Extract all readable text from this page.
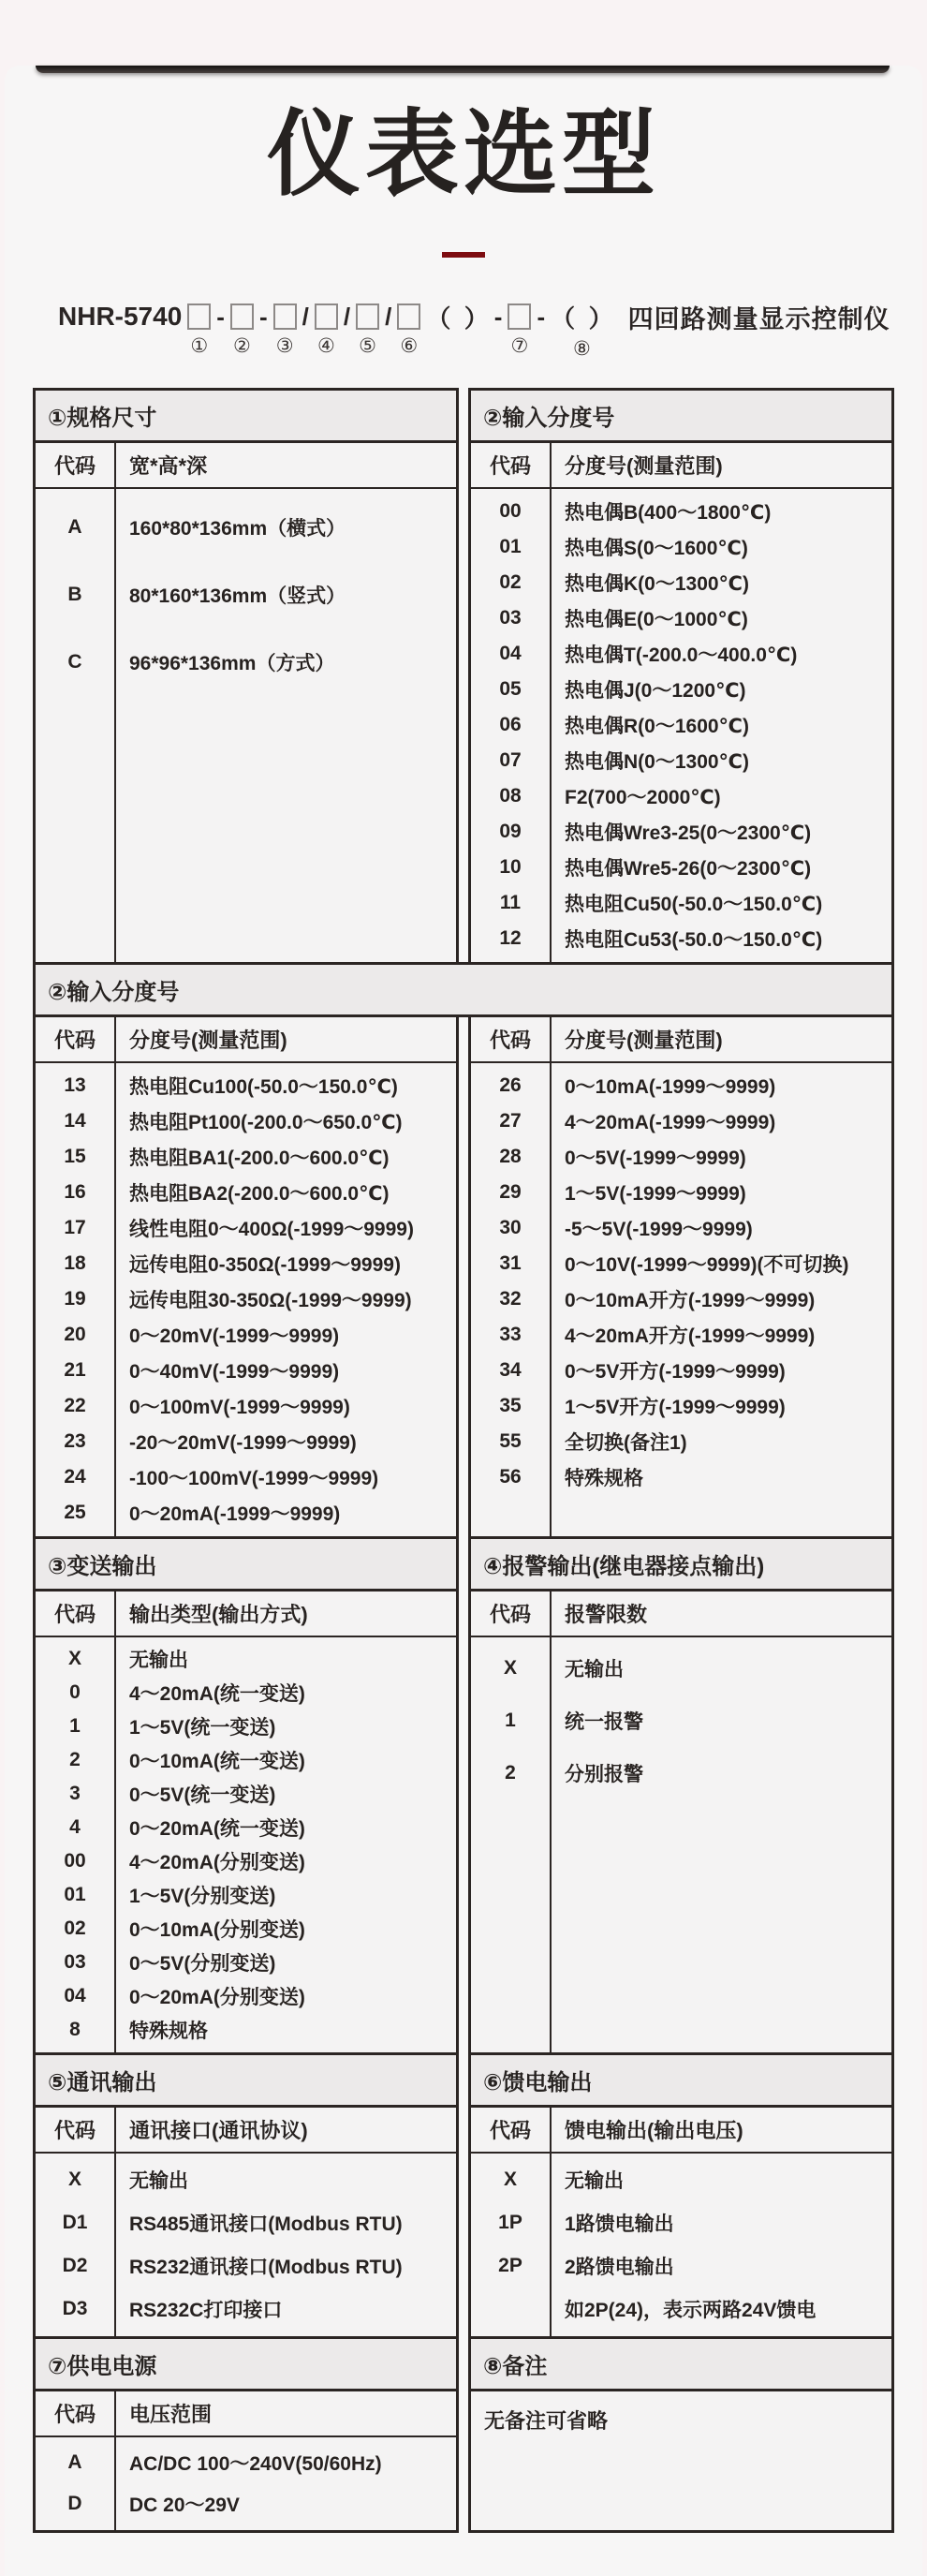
仪表选型
NHR-5740
①
-
②
-
③
/
④
/
⑤
/
⑥
（  ） -
⑦
- （  ）
⑧
四回路测量显示控制仪
①规格尺寸
代码	宽*高*深
A	160*80*136mm（横式）
B	80*160*136mm（竖式）
C	96*96*136mm（方式）
②输入分度号
代码	分度号(测量范围)
00	热电偶B(400～1800℃)
01	热电偶S(0～1600℃)
02	热电偶K(0～1300℃)
03	热电偶E(0～1000℃)
04	热电偶T(-200.0～400.0℃)
05	热电偶J(0～1200℃)
06	热电偶R(0～1600℃)
07	热电偶N(0～1300℃)
08	F2(700～2000℃)
09	热电偶Wre3-25(0～2300℃)
10	热电偶Wre5-26(0～2300℃)
11	热电阻Cu50(-50.0～150.0℃)
12	热电阻Cu53(-50.0～150.0℃)
②输入分度号
代码	分度号(测量范围)
13	热电阻Cu100(-50.0～150.0℃)
14	热电阻Pt100(-200.0～650.0℃)
15	热电阻BA1(-200.0～600.0℃)
16	热电阻BA2(-200.0～600.0℃)
17	线性电阻0～400Ω(-1999～9999)
18	远传电阻0-350Ω(-1999～9999)
19	远传电阻30-350Ω(-1999～9999)
20	0～20mV(-1999～9999)
21	0～40mV(-1999～9999)
22	0～100mV(-1999～9999)
23	-20～20mV(-1999～9999)
24	-100～100mV(-1999～9999)
25	0～20mA(-1999～9999)
代码	分度号(测量范围)
26	0～10mA(-1999～9999)
27	4～20mA(-1999～9999)
28	0～5V(-1999～9999)
29	1～5V(-1999～9999)
30	-5～5V(-1999～9999)
31	0～10V(-1999～9999)(不可切换)
32	0～10mA开方(-1999～9999)
33	4～20mA开方(-1999～9999)
34	0～5V开方(-1999～9999)
35	1～5V开方(-1999～9999)
55	全切换(备注1)
56	特殊规格
③变送输出
代码	输出类型(输出方式)
X	无输出
0	4～20mA(统一变送)
1	1～5V(统一变送)
2	0～10mA(统一变送)
3	0～5V(统一变送)
4	0～20mA(统一变送)
00	4～20mA(分别变送)
01	1～5V(分别变送)
02	0～10mA(分别变送)
03	0～5V(分别变送)
04	0～20mA(分别变送)
8	特殊规格
④报警输出(继电器接点输出)
代码	报警限数
X	无输出
1	统一报警
2	分别报警
⑤通讯输出
代码	通讯接口(通讯协议)
X	无输出
D1	RS485通讯接口(Modbus RTU)
D2	RS232通讯接口(Modbus RTU)
D3	RS232C打印接口
⑥馈电输出
代码	馈电输出(输出电压)
X	无输出
1P	1路馈电输出
2P	2路馈电输出
如2P(24)，表示两路24V馈电
⑦供电电源
代码	电压范围
A	AC/DC 100～240V(50/60Hz)
D	DC 20～29V
⑧备注
无备注可省略
